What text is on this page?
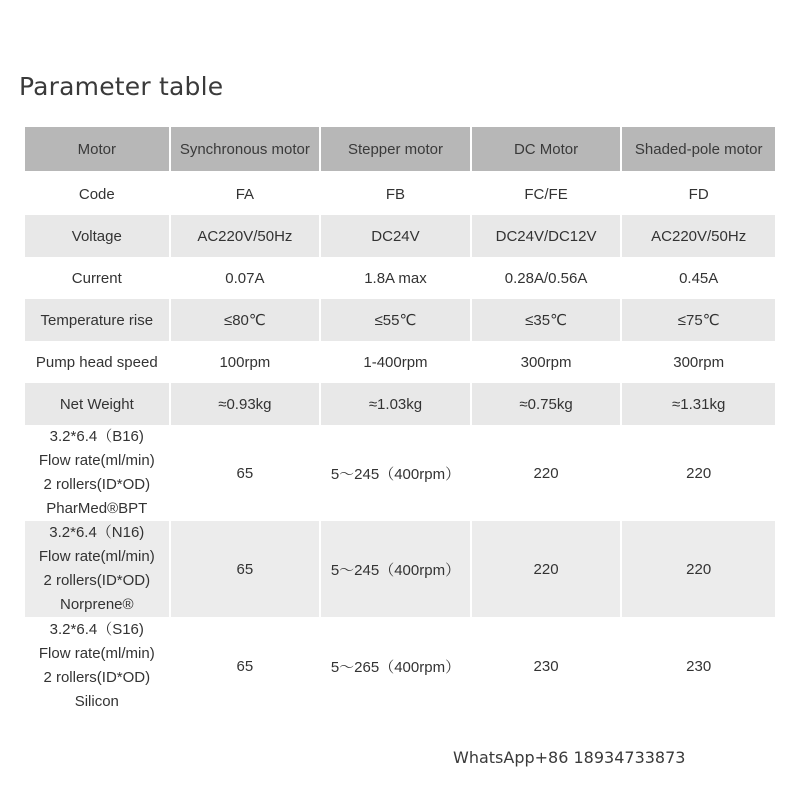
Parameter table
Motor	Synchronous motor	Stepper motor	DC Motor	Shaded-pole motor
Code	FA	FB	FC/FE	FD
Voltage	AC220V/50Hz	DC24V	DC24V/DC12V	AC220V/50Hz
Current	0.07A	1.8A max	0.28A/0.56A	0.45A
Temperature rise	≤80℃	≤55℃	≤35℃	≤75℃
Pump head speed	100rpm	1-400rpm	300rpm	300rpm
Net Weight	≈0.93kg	≈1.03kg	≈0.75kg	≈1.31kg

3.2*6.4（B16)
Flow rate(ml/min)
2 rollers(ID*OD)
PharMed®BPT	65	5～245（400rpm）	220	220

3.2*6.4（N16)
Flow rate(ml/min)
2 rollers(ID*OD)
Norprene®	65	5～245（400rpm）	220	220

3.2*6.4（S16)
Flow rate(ml/min)
2 rollers(ID*OD)
Silicon	65	5～265（400rpm）	230	230
WhatsApp+86 18934733873
